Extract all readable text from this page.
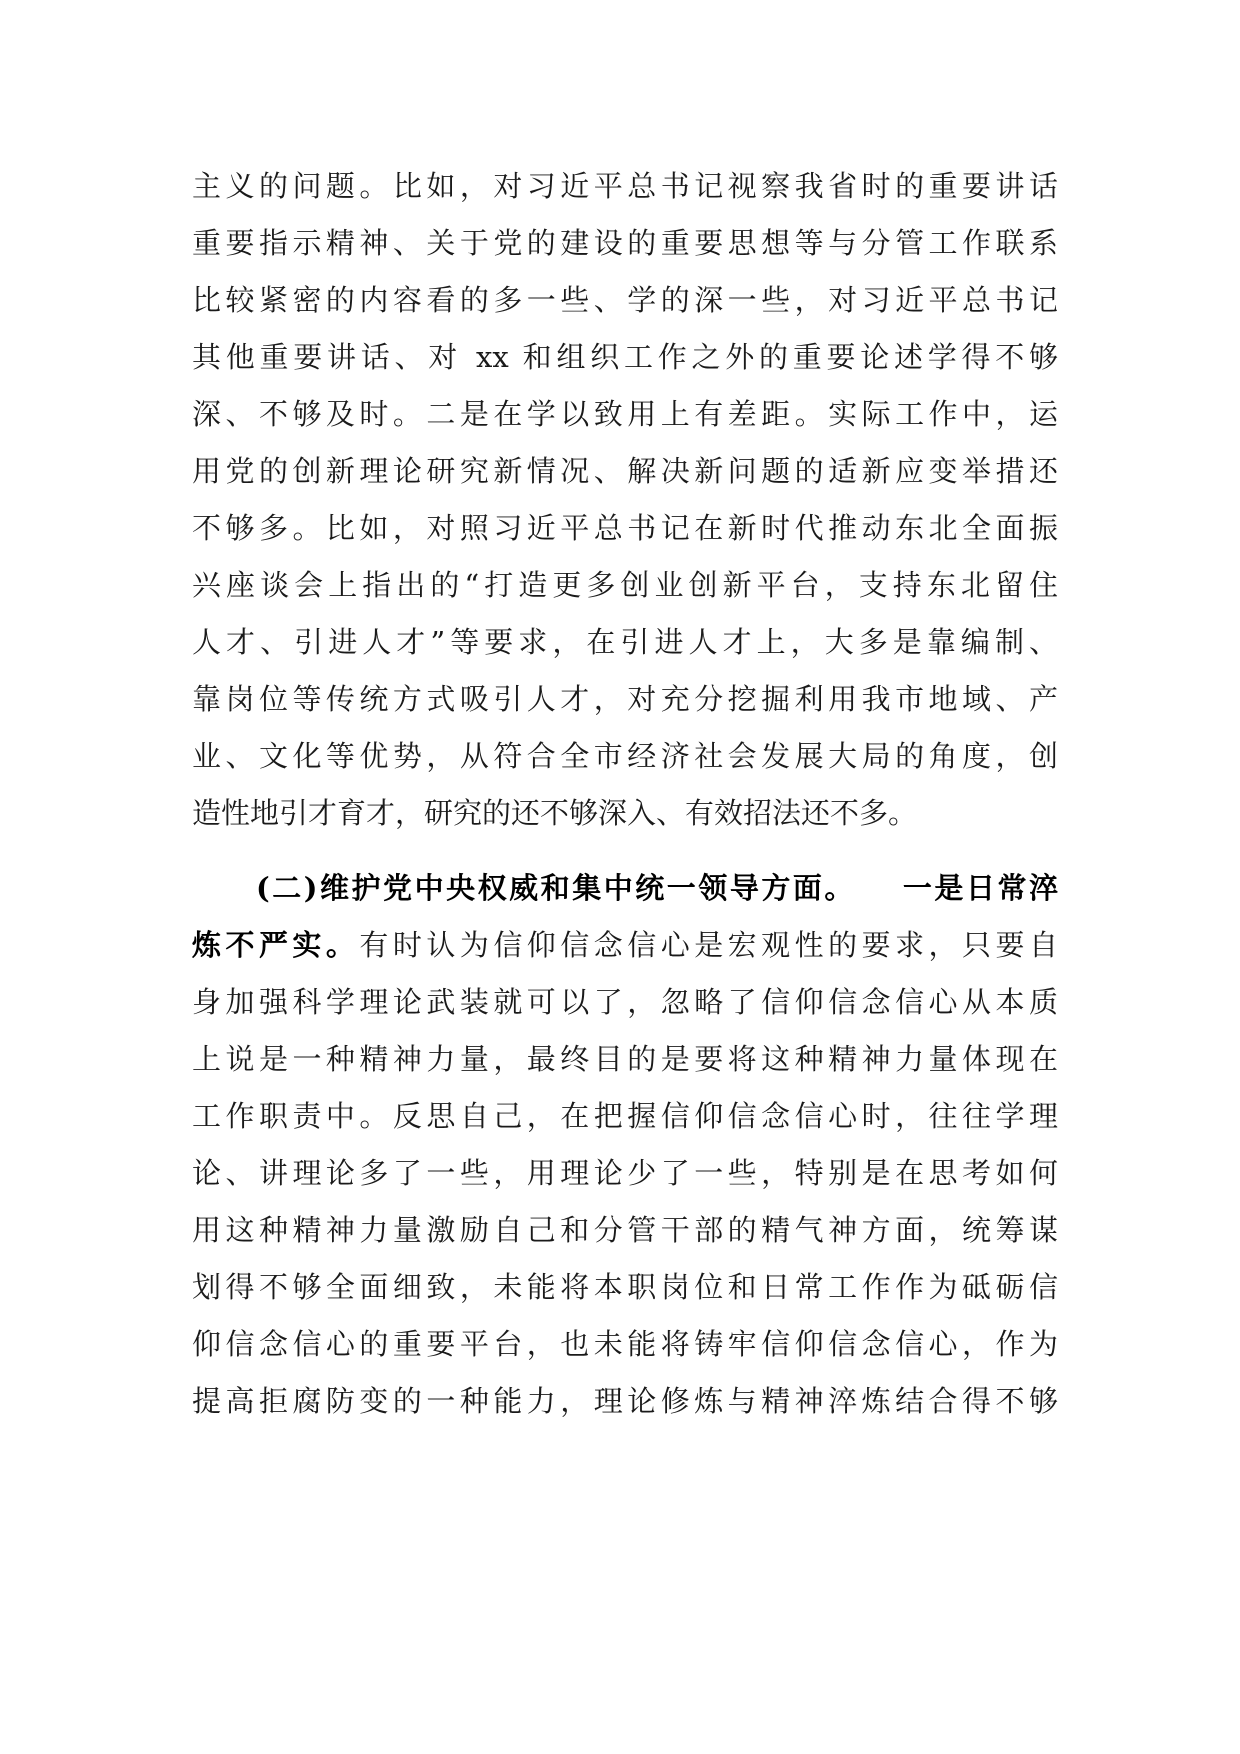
主义的问题。比如，对习近平总书记视察我省时的重要讲话
重要指示精神、关于党的建设的重要思想等与分管工作联系
比较紧密的内容看的多一些、学的深一些，对习近平总书记
其他重要讲话、对 xx 和组织工作之外的重要论述学得不够
深、不够及时。二是在学以致用上有差距。实际工作中，运
用党的创新理论研究新情况、解决新问题的适新应变举措还
不够多。比如，对照习近平总书记在新时代推动东北全面振
兴座谈会上指出的“打造更多创业创新平台，支持东北留住
人才、引进人才”等要求，在引进人才上，大多是靠编制、
靠岗位等传统方式吸引人才，对充分挖掘利用我市地域、产
业、文化等优势，从符合全市经济社会发展大局的角度，创
造性地引才育才，研究的还不够深入、有效招法还不多。
(二)维护党中央权威和集中统一领导方面。 一是日常淬
炼不严实。有时认为信仰信念信心是宏观性的要求，只要自
身加强科学理论武装就可以了，忽略了信仰信念信心从本质
上说是一种精神力量，最终目的是要将这种精神力量体现在
工作职责中。反思自己，在把握信仰信念信心时，往往学理
论、讲理论多了一些，用理论少了一些，特别是在思考如何
用这种精神力量激励自己和分管干部的精气神方面，统筹谋
划得不够全面细致，未能将本职岗位和日常工作作为砥砺信
仰信念信心的重要平台，也未能将铸牢信仰信念信心，作为
提高拒腐防变的一种能力，理论修炼与精神淬炼结合得不够
